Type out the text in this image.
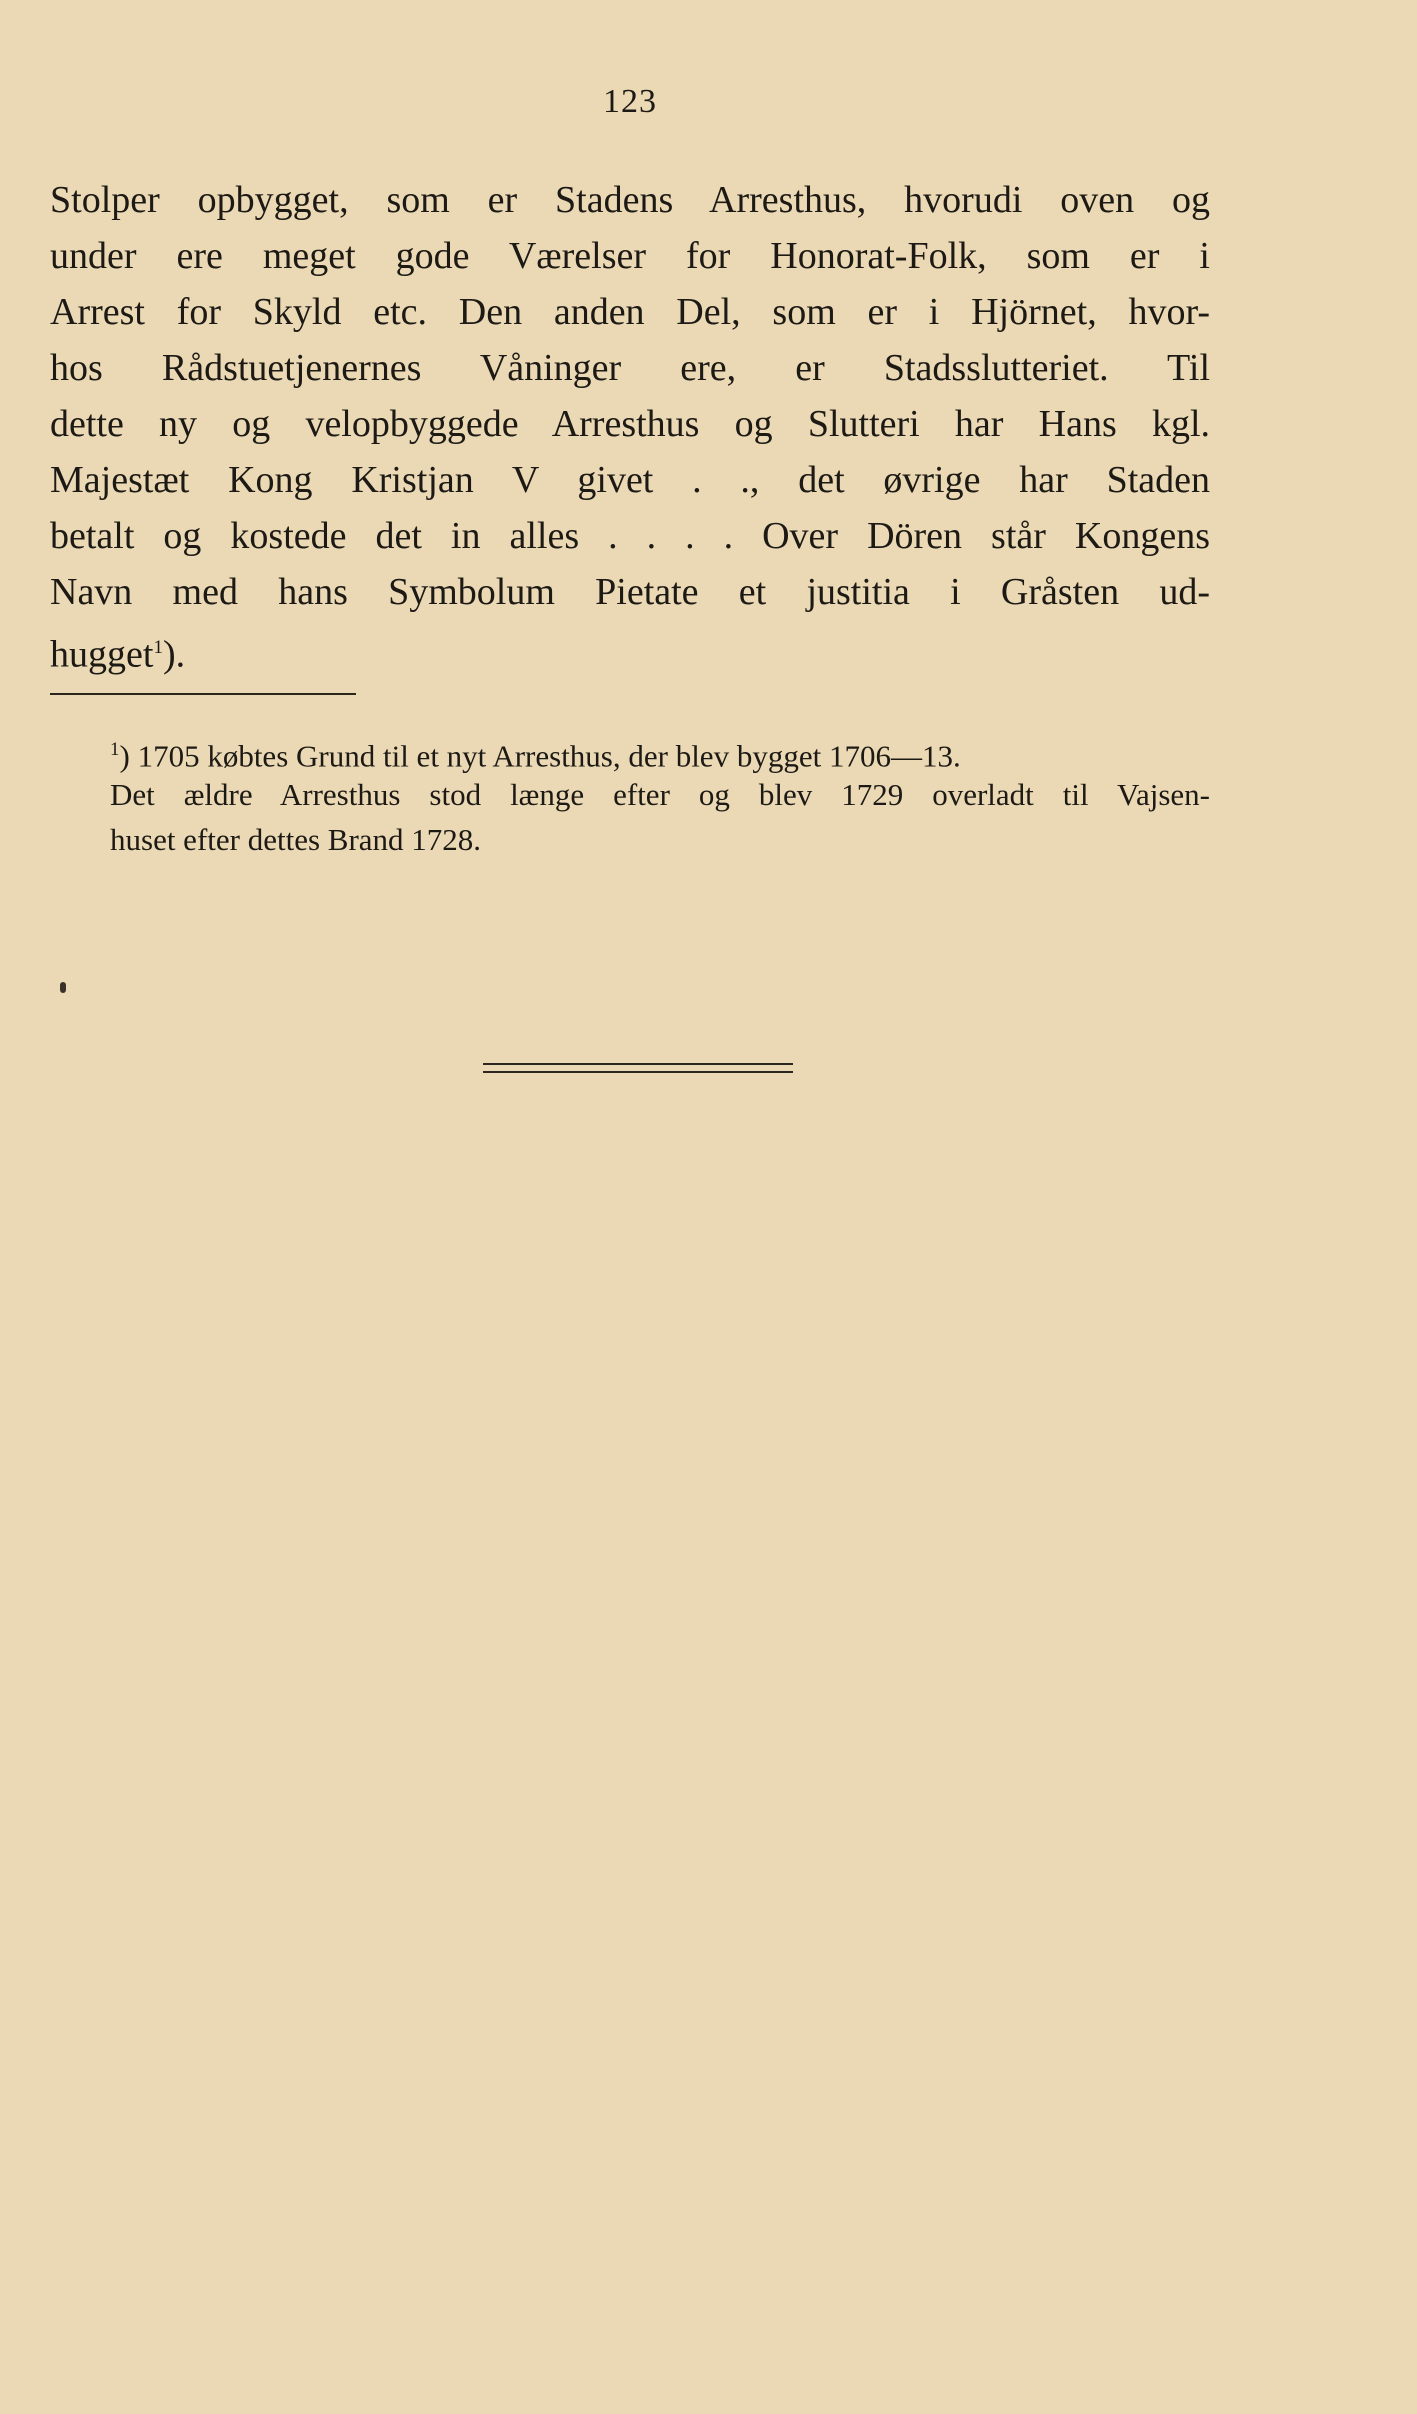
123
Stolper opbygget, som er Stadens Arresthus, hvorudi oven og
under ere meget gode Værelser for Honorat-Folk, som er i
Arrest for Skyld etc. Den anden Del, som er i Hjörnet, hvor-
hos Rådstuetjenernes Våninger ere, er Stadsslutteriet. Til
dette ny og velopbyggede Arresthus og Slutteri har Hans kgl.
Majestæt Kong Kristjan V givet . ., det øvrige har Staden
betalt og kostede det in alles . . . . Over Dören står Kongens
Navn med hans Symbolum Pietate et justitia i Gråsten ud-
hugget$^1$).
$^1$) 1705 købtes Grund til et nyt Arresthus, der blev bygget 1706—13.
Det ældre Arresthus stod længe efter og blev 1729 overladt til Vajsen-
huset efter dettes Brand 1728.
